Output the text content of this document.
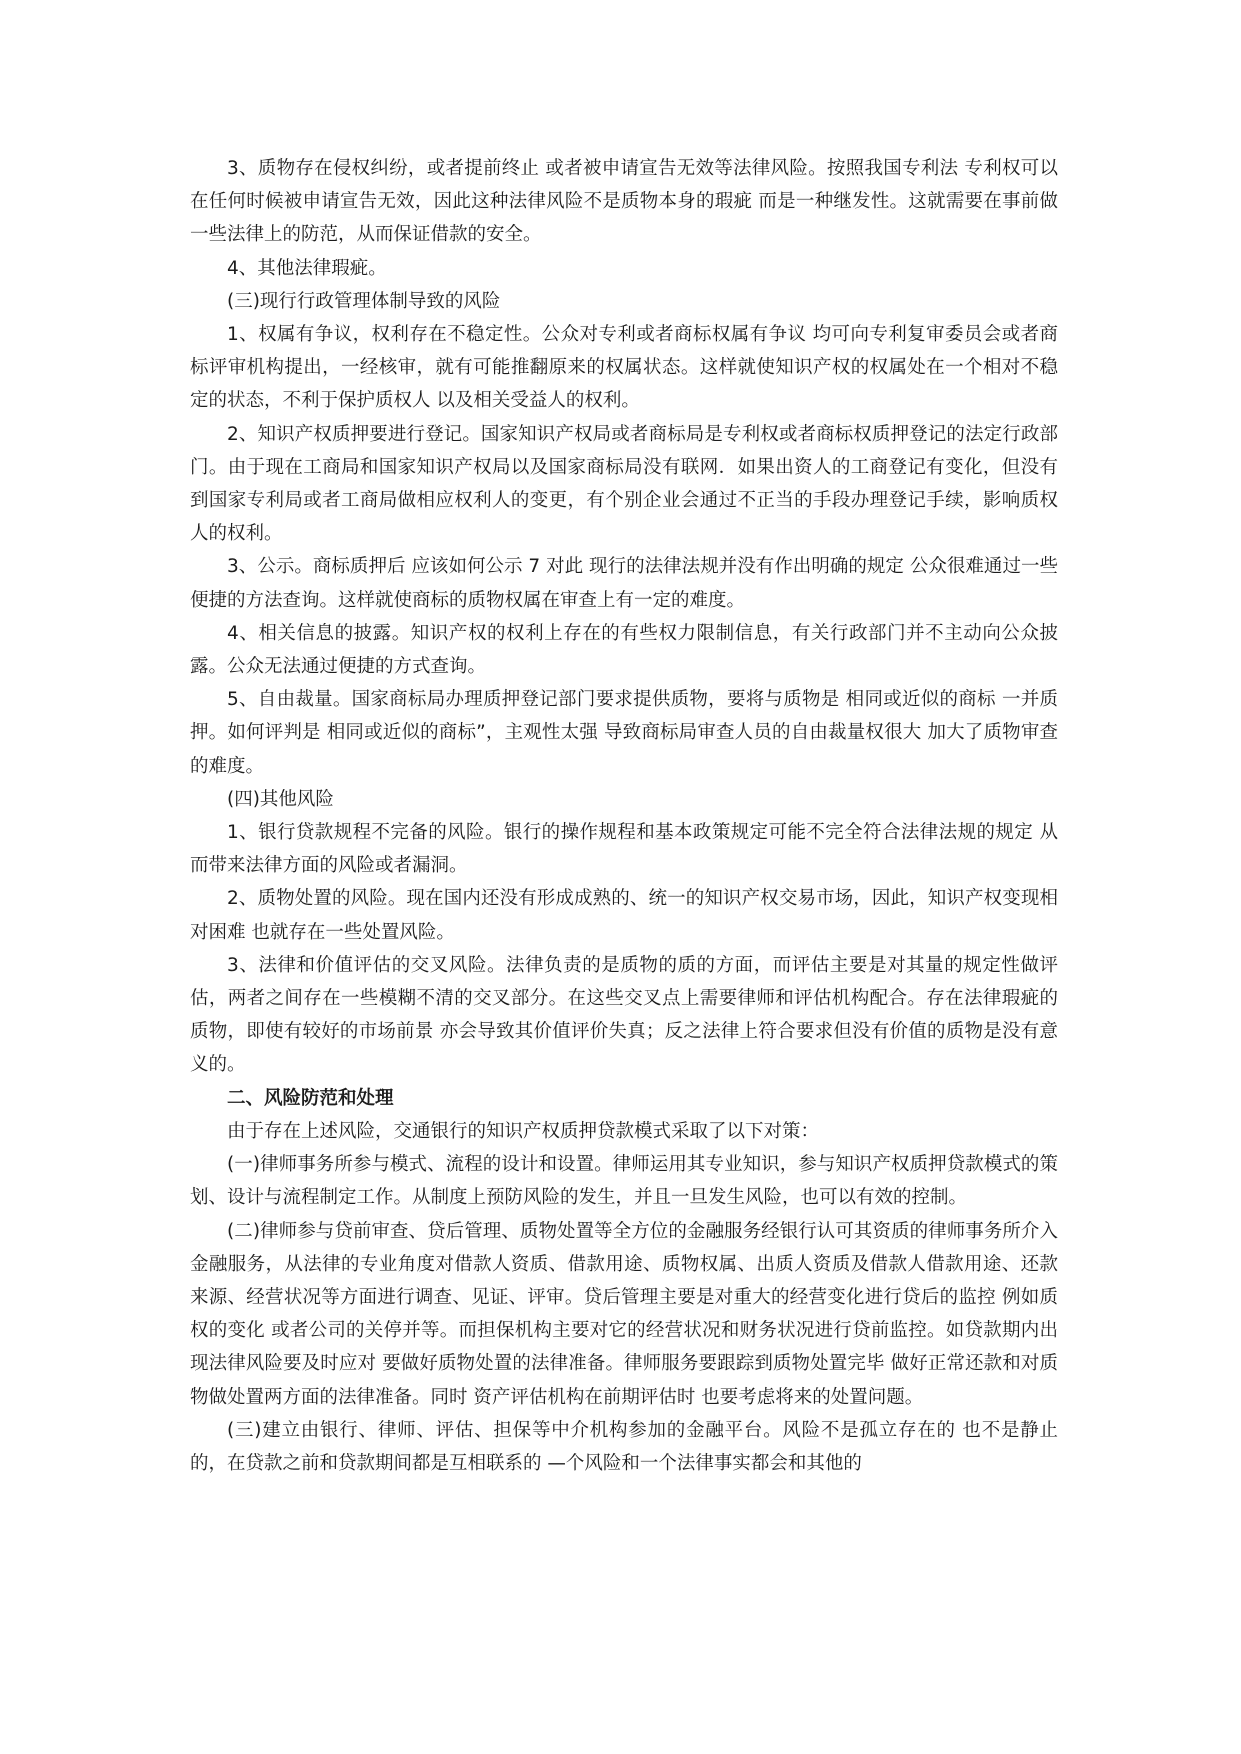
3、质物存在侵权纠纷，或者提前终止 或者被申请宣告无效等法律风险。按照我国专利法 专利权可以在任何时候被申请宣告无效，因此这种法律风险不是质物本身的瑕疵 而是一种继发性。这就需要在事前做一些法律上的防范，从而保证借款的安全。

4、其他法律瑕疵。

(三)现行行政管理体制导致的风险

1、权属有争议，权利存在不稳定性。公众对专利或者商标权属有争议 均可向专利复审委员会或者商标评审机构提出，一经核审，就有可能推翻原来的权属状态。这样就使知识产权的权属处在一个相对不稳定的状态，不利于保护质权人 以及相关受益人的权利。

2、知识产权质押要进行登记。国家知识产权局或者商标局是专利权或者商标权质押登记的法定行政部门。由于现在工商局和国家知识产权局以及国家商标局没有联网．如果出资人的工商登记有变化，但没有到国家专利局或者工商局做相应权利人的变更，有个别企业会通过不正当的手段办理登记手续，影响质权人的权利。

3、公示。商标质押后 应该如何公示 7 对此 现行的法律法规并没有作出明确的规定 公众很难通过一些便捷的方法查询。这样就使商标的质物权属在审查上有一定的难度。

4、相关信息的披露。知识产权的权利上存在的有些权力限制信息，有关行政部门并不主动向公众披露。公众无法通过便捷的方式查询。

5、自由裁量。国家商标局办理质押登记部门要求提供质物，要将与质物是 相同或近似的商标 一并质押。如何评判是 相同或近似的商标”，主观性太强 导致商标局审查人员的自由裁量权很大 加大了质物审查的难度。

(四)其他风险

1、银行贷款规程不完备的风险。银行的操作规程和基本政策规定可能不完全符合法律法规的规定 从而带来法律方面的风险或者漏洞。

2、质物处置的风险。现在国内还没有形成成熟的、统一的知识产权交易市场，因此，知识产权变现相对困难 也就存在一些处置风险。

3、法律和价值评估的交叉风险。法律负责的是质物的质的方面，而评估主要是对其量的规定性做评估，两者之间存在一些模糊不清的交叉部分。在这些交叉点上需要律师和评估机构配合。存在法律瑕疵的质物，即使有较好的市场前景 亦会导致其价值评价失真；反之法律上符合要求但没有价值的质物是没有意义的。

二、风险防范和处理

由于存在上述风险，交通银行的知识产权质押贷款模式采取了以下对策：

(一)律师事务所参与模式、流程的设计和设置。律师运用其专业知识，参与知识产权质押贷款模式的策划、设计与流程制定工作。从制度上预防风险的发生，并且一旦发生风险，也可以有效的控制。

(二)律师参与贷前审查、贷后管理、质物处置等全方位的金融服务经银行认可其资质的律师事务所介入金融服务，从法律的专业角度对借款人资质、借款用途、质物权属、出质人资质及借款人借款用途、还款来源、经营状况等方面进行调查、见证、评审。贷后管理主要是对重大的经营变化进行贷后的监控 例如质权的变化 或者公司的关停并等。而担保机构主要对它的经营状况和财务状况进行贷前监控。如贷款期内出现法律风险要及时应对 要做好质物处置的法律准备。律师服务要跟踪到质物处置完毕 做好正常还款和对质物做处置两方面的法律准备。同时 资产评估机构在前期评估时 也要考虑将来的处置问题。

(三)建立由银行、律师、评估、担保等中介机构参加的金融平台。风险不是孤立存在的 也不是静止的，在贷款之前和贷款期间都是互相联系的 —个风险和一个法律事实都会和其他的
